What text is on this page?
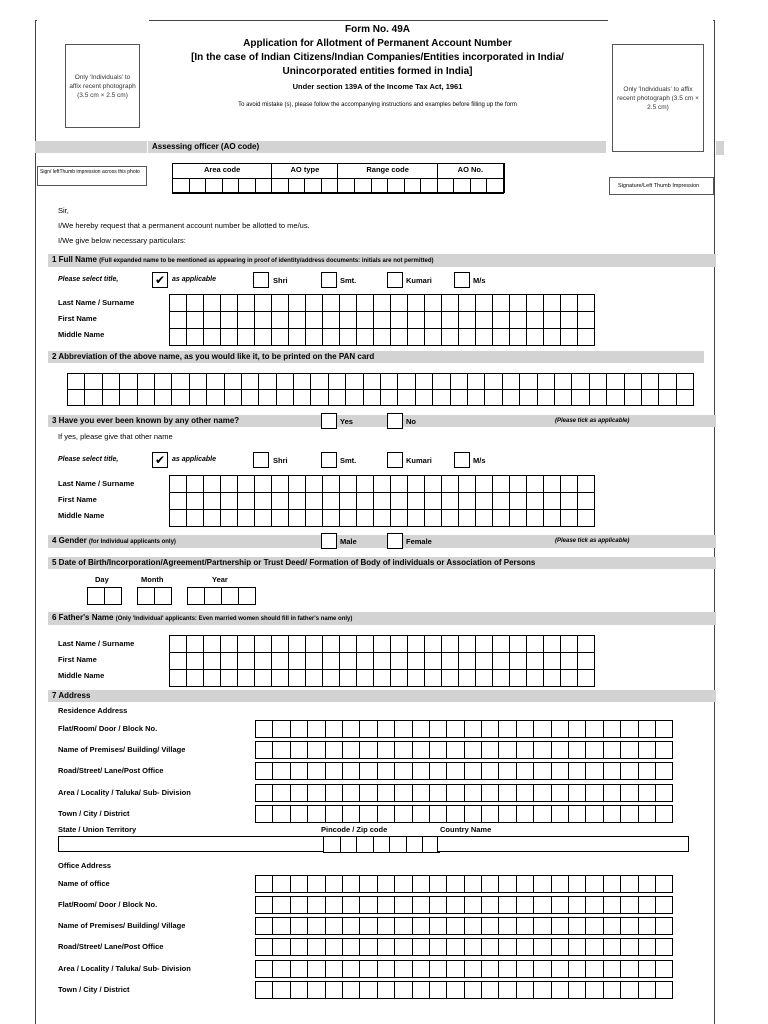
Only 'Individuals' to affix recent photograph (3.5 cm × 2.5 cm)
Only 'Individuals' to affix recent photograph (3.5 cm × 2.5 cm)
Form No. 49A
Application for Allotment of Permanent Account Number
[In the case of Indian Citizens/Indian Companies/Entities incorporated in India/
Unincorporated entities formed in India]
Under section 139A of the Income Tax Act, 1961
To avoid mistake (s), please follow the accompanying instructions and examples before filling up the form
Assessing officer (AO code)
Sign/ leftThumb impression across this photo
Signature/Left Thumb Impression
Area code	AO type	Range code	AO No.
Sir,
I/We hereby request that a permanent account number be allotted to me/us.
I/We give below necessary particulars:
1 Full Name (Full expanded name to be mentioned as appearing in proof of identity/address documents: initials are not permitted)
Please select title,	✔ as applicable	Shri	Smt.	Kumari	M/s
Last Name / Surname
First Name
Middle Name
2 Abbreviation of the above name, as you would like it, to be printed on the PAN card
3 Have you ever been known by any other name?	(Please tick as applicable)
Yes	No
If yes, please give that other name
Please select title,	✔ as applicable	Shri	Smt.	Kumari	M/s
Last Name / Surname
First Name
Middle Name
4 Gender (for Individual applicants only)	(Please tick as applicable)
Male	Female
5 Date of Birth/Incorporation/Agreement/Partnership or Trust Deed/ Formation of Body of individuals or Association of Persons
Day	Month	Year
6 Father's Name (Only 'Individual' applicants: Even married women should fill in father's name only)
Last Name / Surname
First Name
Middle Name
7 Address
Residence Address
Flat/Room/ Door / Block No.
Name of Premises/ Building/ Village
Road/Street/ Lane/Post Office
Area / Locality / Taluka/ Sub- Division
Town / City / District
State / Union Territory	Pincode / Zip code	Country Name
Office Address
Name of office
Flat/Room/ Door / Block No.
Name of Premises/ Building/ Village
Road/Street/ Lane/Post Office
Area / Locality / Taluka/ Sub- Division
Town / City / District
